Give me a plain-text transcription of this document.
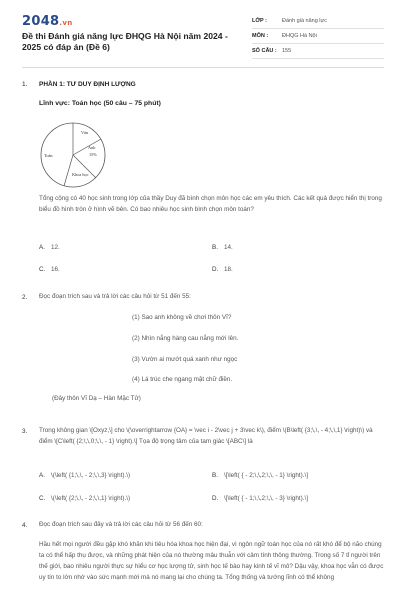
2048.vn
Đề thi Đánh giá năng lực ĐHQG Hà Nội năm 2024 - 2025 có đáp án (Đề 6)
LỚP :	Đánh giá năng lực
MÔN :	ĐHQG Hà Nội
SỐ CÂU : 155
1. PHẦN 1: TƯ DUY ĐỊNH LƯỢNG
Lĩnh vực: Toán học (50 câu – 75 phút)
Văn
Anh
15%
Toán
Khoa học
Tổng cộng có 40 học sinh trong lớp của thầy Duy đã bình chọn môn học các em yêu thích. Các kết quả được hiển thị trong biểu đồ hình tròn ở hình vẽ bên. Có bao nhiêu học sinh bình chọn môn toán?
A. 12.	B. 14.
C. 16.	D. 18.
2. Đọc đoạn trích sau và trả lời các câu hỏi từ 51 đến 55:
(1) Sao anh không về chơi thôn Vĩ?
(2) Nhìn nắng hàng cau nắng mới lên.
(3) Vườn ai mướt quá xanh như ngọc
(4) Lá trúc che ngang mặt chữ điền.
(Đây thôn Vĩ Dạ – Hàn Mặc Tử)
3. Trong không gian \[Oxyz,\] cho \(\overrightarrow {OA} = \vec i - 2\vec j + 3\vec k\), điểm \(B\left( {3;\,\, - 4;\,\,1} \right)\) và điểm \[C\left( {2;\,\,0;\,\, - 1} \right).\] Tọa độ trọng tâm của tam giác \[ABC\] là
A. \(\left( {1;\,\, - 2;\,\,3} \right).\)	B. \[\left( { - 2;\,\,2;\,\, - 1} \right).\]
C. \(\left( {2;\,\, - 2;\,\,1} \right).\)	D. \[\left( { - 1;\,\,2;\,\, - 3} \right).\]
4. Đọc đoạn trích sau đây và trả lời các câu hỏi từ 56 đến 60:
Hầu hết mọi người đều gặp khó khăn khi tiêu hóa khoa học hiện đại, vì ngôn ngữ toán học của nó rất khó để bộ não chúng ta có thể hấp thụ được, và những phát hiện của nó thường mâu thuẫn với cảm tính thông thường. Trong số 7 tỉ người trên thế giới, bao nhiêu người thực sự hiểu cơ học lượng tử, sinh học tế bào hay kinh tế vĩ mô? Dậu vậy, khoa học vẫn có được uy tín to lớn nhờ vào sức mạnh mới mà nó mang lại cho chúng ta. Tổng thống và tướng lĩnh có thể không
